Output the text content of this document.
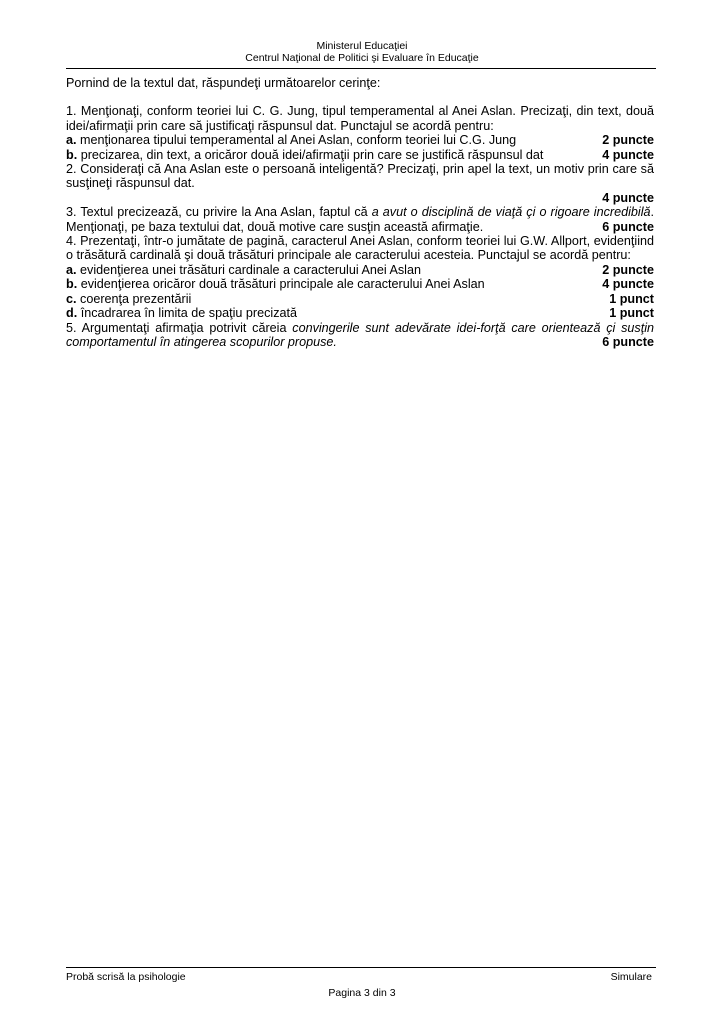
Ministerul Educaţiei
Centrul Naţional de Politici şi Evaluare în Educaţie

Pornind de la textul dat, răspundeţi următoarelor cerinţe:

1. Menţionaţi, conform teoriei lui C. G. Jung, tipul temperamental al Anei Aslan. Precizaţi, din text, două idei/afirmaţii prin care să justificaţi răspunsul dat. Punctajul se acordă pentru:

a. menţionarea tipului temperamental al Anei Aslan, conform teoriei lui C.G. Jung	2 puncte
b. precizarea, din text, a oricăror două idei/afirmaţii prin care se justifică răspunsul dat	4 puncte

2. Consideraţi că Ana Aslan este o persoană inteligentă? Precizaţi, prin apel la text, un motiv prin care să susţineţi răspunsul dat.

4 puncte

3. Textul precizează, cu privire la Ana Aslan, faptul că a avut o disciplină de viaţă çi o rigoare incredibilă. Menţionaţi, pe baza textului dat, două motive care susţin această afirmaţie.	6 puncte

4. Prezentaţi, într-o jumătate de pagină, caracterul Anei Aslan, conform teoriei lui G.W. Allport, evidenţiind o trăsătură cardinală şi două trăsături principale ale caracterului acesteia. Punctajul se acordă pentru:

a. evidenţierea unei trăsături cardinale a caracterului Anei Aslan	2 puncte
b. evidenţierea oricăror două trăsături principale ale caracterului Anei Aslan	4 puncte
c. coerenţa prezentării	1 punct
d. încadrarea în limita de spaţiu precizată	1 punct

5. Argumentaţi afirmaţia potrivit căreia convingerile sunt adevărate idei-forţă care orientează çi susţin comportamentul în atingerea scopurilor propuse.	6 puncte

Probă scrisă la psihologie	Simulare
Pagina 3 din 3
